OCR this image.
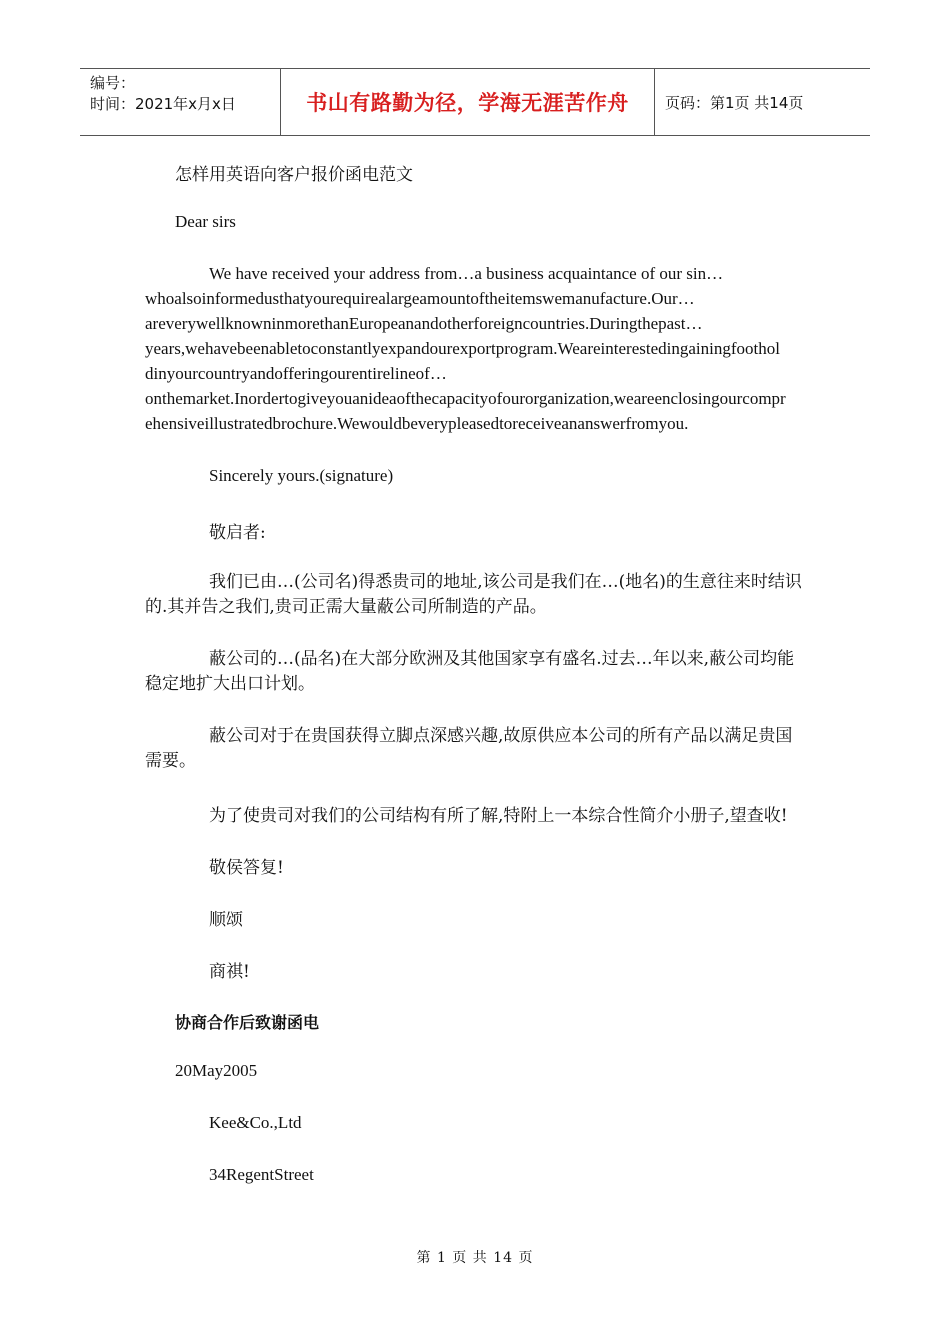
编号：
时间：2021年x月x日	书山有路勤为径，学海无涯苦作舟	页码：第1页 共14页
怎样用英语向客户报价函电范文
Dear sirs
We have received your address from…a business acquaintance of our sin…
whoalsoinformedusthatyourequirealargeamountoftheitemswemanufacture.Our…
areverywellknowninmorethanEuropeanandotherforeigncountries.Duringthepast…
years,wehavebeenabletoconstantlyexpandourexportprogram.Weareinterestedingainingfoothol
dinyourcountryandofferingourentirelineof…
onthemarket.Inordertogiveyouanideaofthecapacityofourorganization,weareenclosingourcompr
ehensiveillustratedbrochure.Wewouldbeverypleasedtoreceiveananswerfromyou.
Sincerely yours.(signature)
敬启者:
我们已由…(公司名)得悉贵司的地址,该公司是我们在…(地名)的生意往来时结识的.其并告之我们,贵司正需大量蔽公司所制造的产品。
蔽公司的…(品名)在大部分欧洲及其他国家享有盛名.过去…年以来,蔽公司均能稳定地扩大出口计划。
蔽公司对于在贵国获得立脚点深感兴趣,故原供应本公司的所有产品以满足贵国需要。
为了使贵司对我们的公司结构有所了解,特附上一本综合性简介小册子,望查收!
敬侯答复!
顺颂
商祺!
协商合作后致谢函电
20May2005
Kee&Co.,Ltd
34RegentStreet
第 1 页 共 14 页
